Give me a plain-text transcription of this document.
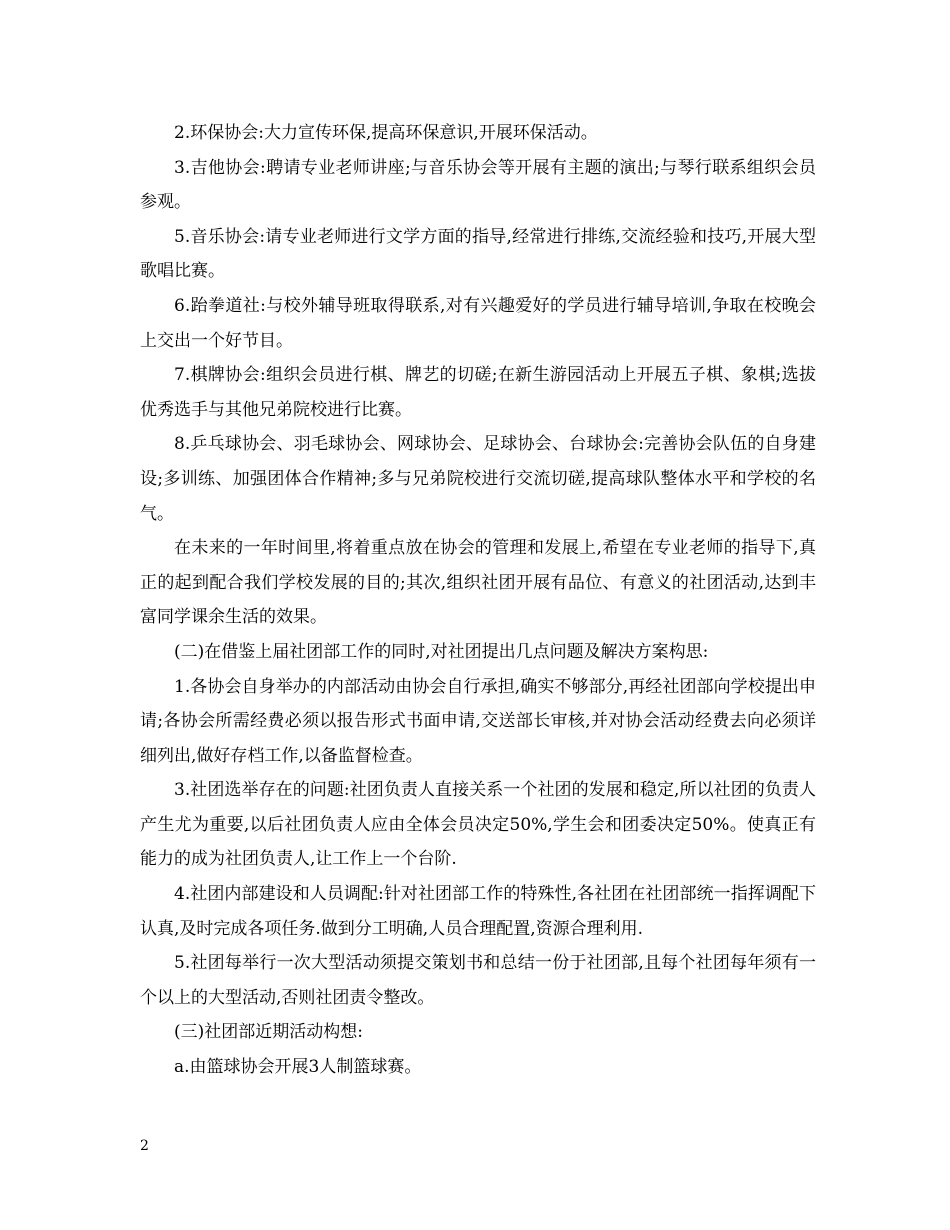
2.环保协会:大力宣传环保,提高环保意识,开展环保活动。

3.吉他协会:聘请专业老师讲座;与音乐协会等开展有主题的演出;与琴行联系组织会员参观。

5.音乐协会:请专业老师进行文学方面的指导,经常进行排练,交流经验和技巧,开展大型歌唱比赛。

6.跆拳道社:与校外辅导班取得联系,对有兴趣爱好的学员进行辅导培训,争取在校晚会上交出一个好节目。

7.棋牌协会:组织会员进行棋、牌艺的切磋;在新生游园活动上开展五子棋、象棋;选拔优秀选手与其他兄弟院校进行比赛。

8.乒乓球协会、羽毛球协会、网球协会、足球协会、台球协会:完善协会队伍的自身建设;多训练、加强团体合作精神;多与兄弟院校进行交流切磋,提高球队整体水平和学校的名气。

在未来的一年时间里,将着重点放在协会的管理和发展上,希望在专业老师的指导下,真正的起到配合我们学校发展的目的;其次,组织社团开展有品位、有意义的社团活动,达到丰富同学课余生活的效果。

(二)在借鉴上届社团部工作的同时,对社团提出几点问题及解决方案构思:

1.各协会自身举办的内部活动由协会自行承担,确实不够部分,再经社团部向学校提出申请;各协会所需经费必须以报告形式书面申请,交送部长审核,并对协会活动经费去向必须详细列出,做好存档工作,以备监督检查。

3.社团选举存在的问题:社团负责人直接关系一个社团的发展和稳定,所以社团的负责人产生尤为重要,以后社团负责人应由全体会员决定50%,学生会和团委决定50%。使真正有能力的成为社团负责人,让工作上一个台阶.

4.社团内部建设和人员调配:针对社团部工作的特殊性,各社团在社团部统一指挥调配下认真,及时完成各项任务.做到分工明确,人员合理配置,资源合理利用.

5.社团每举行一次大型活动须提交策划书和总结一份于社团部,且每个社团每年须有一个以上的大型活动,否则社团责令整改。

(三)社团部近期活动构想:

a.由篮球协会开展3人制篮球赛。

2
